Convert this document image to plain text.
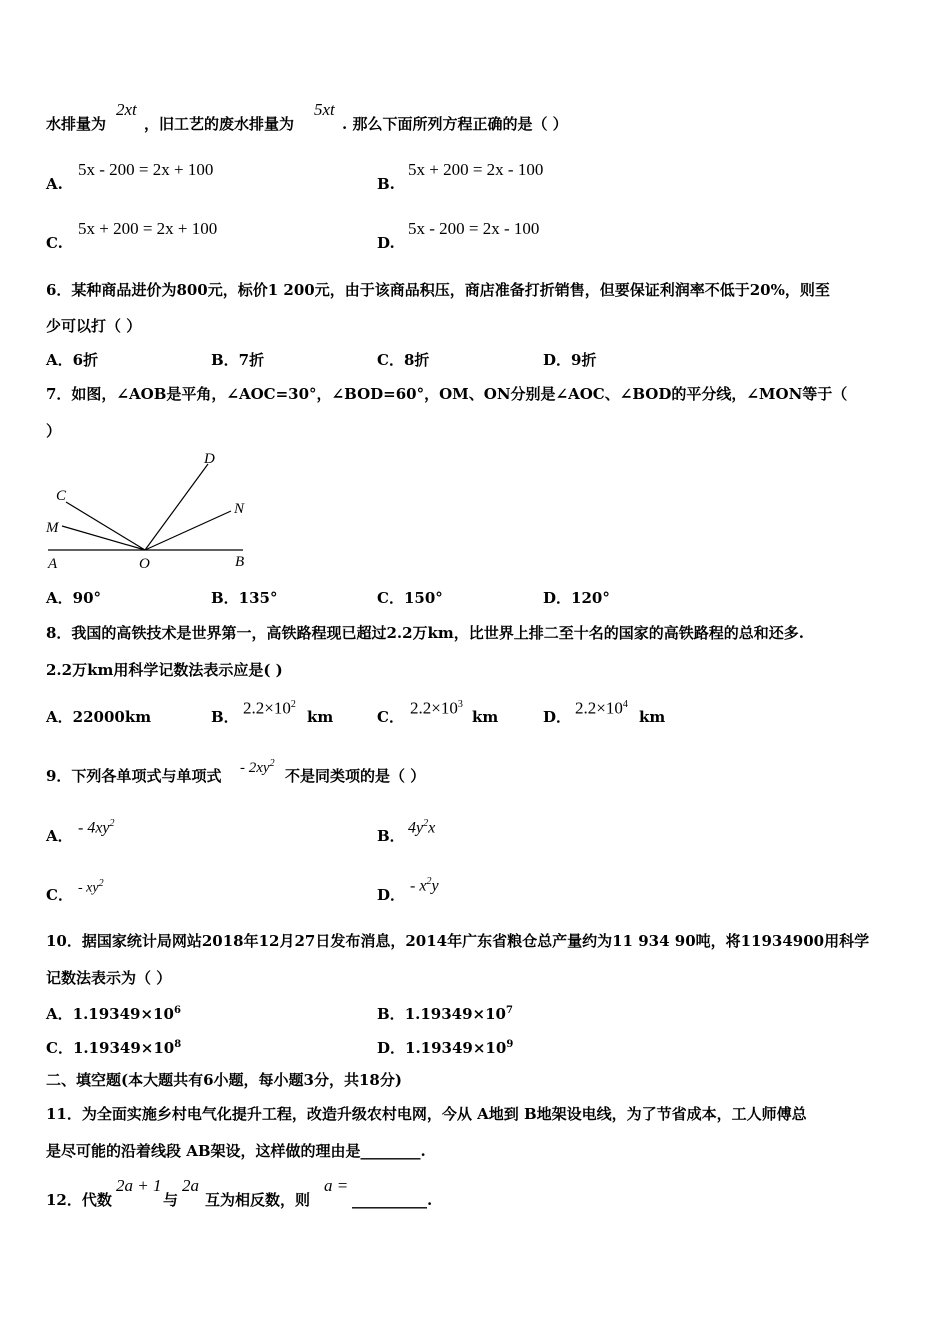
水排量为
2xt
，旧工艺的废水排量为
5xt
. 那么下面所列方程正确的是（ ）
A.
5x - 200 = 2x + 100
B.
5x + 200 = 2x - 100
C.
5x + 200 = 2x + 100
D.
5x - 200 = 2x - 100
6．某种商品进价为800元，标价1 200元，由于该商品积压，商店准备打折销售，但要保证利润率不低于20%，则至
少可以打（ ）
A．6折	B．7折	C．8折	D．9折
7．如图，∠AOB是平角，∠AOC=30°，∠BOD=60°，OM、ON分别是∠AOC、∠BOD的平分线，∠MON等于（
）
D
C
N
M
A	O	B
A．90°	B．135°	C．150°	D．120°
8．我国的高铁技术是世界第一，高铁路程现已超过2.2万km，比世界上排二至十名的国家的高铁路程的总和还多.
2.2万km用科学记数法表示应是( )
A．22000km	B． $2.2\times 10^2$
km	C． $2.2\times 10^3$
km	D． $2.2\times 10^4$
km
9．下列各单项式与单项式 - $2xy^2$
不是同类项的是（ ）
A． - $4xy^2$
B． $4y^2x$
C． - $xy^2$
D．
- $x^2y$
10．据国家统计局网站2018年12月27日发布消息，2014年广东省粮仓总产量约为11 934 90吨，将11934900用科学
记数法表示为（ ）
A．$1.19349\times 10^6$	B．$1.19349\times 10^7$
C．$1.19349\times 10^8$	D．$1.19349\times 10^9$
二、填空题(本大题共有6小题，每小题3分，共18分)
11．为全面实施乡村电气化提升工程，改造升级农村电网，今从 A地到 B地架设电线，为了节省成本，工人师傅总
是尽可能的沿着线段 AB架设，这样做的理由是________.
12．代数
2a + 1
与
2a
互为相反数，则
a =
__________.
